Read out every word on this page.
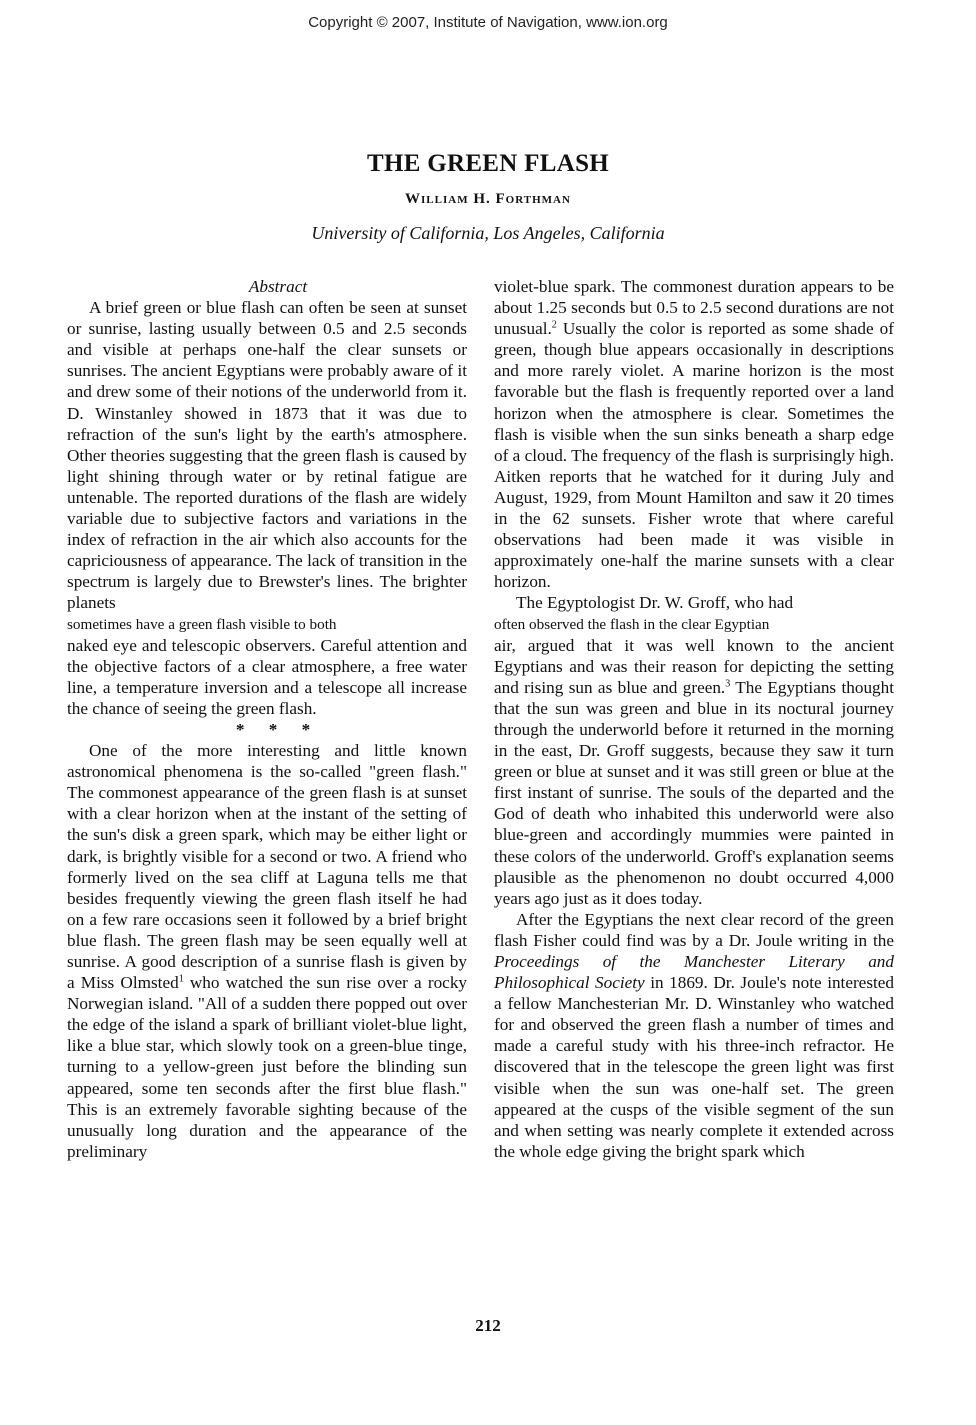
Copyright © 2007, Institute of Navigation, www.ion.org
THE GREEN FLASH
William H. Forthman
University of California, Los Angeles, California

Abstract

A brief green or blue flash can often be seen at sunset or sunrise, lasting usually between 0.5 and 2.5 seconds and visible at perhaps one-half the clear sunsets or sunrises. The ancient Egyptians were probably aware of it and drew some of their notions of the underworld from it. D. Winstanley showed in 1873 that it was due to refraction of the sun's light by the earth's atmosphere. Other theories suggesting that the green flash is caused by light shining through water or by retinal fatigue are untenable. The reported durations of the flash are widely variable due to subjective factors and variations in the index of refraction in the air which also accounts for the capriciousness of appearance. The lack of transition in the spectrum is largely due to Brewster's lines. The brighter planets

sometimes have a green flash visible to both

naked eye and telescopic observers. Careful attention and the objective factors of a clear atmosphere, a free water line, a temperature inversion and a telescope all increase the chance of seeing the green flash.

* * *

One of the more interesting and little known astronomical phenomena is the so-called "green flash." The commonest appearance of the green flash is at sunset with a clear horizon when at the instant of the setting of the sun's disk a green spark, which may be either light or dark, is brightly visible for a second or two. A friend who formerly lived on the sea cliff at Laguna tells me that besides frequently viewing the green flash itself he had on a few rare occasions seen it followed by a brief bright blue flash. The green flash may be seen equally well at sunrise. A good description of a sunrise flash is given by a Miss Olmsted$^1$ who watched the sun rise over a rocky Norwegian island. "All of a sudden there popped out over the edge of the island a spark of brilliant violet-blue light, like a blue star, which slowly took on a green-blue tinge, turning to a yellow-green just before the blinding sun appeared, some ten seconds after the first blue flash." This is an extremely favorable sighting because of the unusually long duration and the appearance of the preliminary

violet-blue spark. The commonest duration appears to be about 1.25 seconds but 0.5 to 2.5 second durations are not unusual.$^2$ Usually the color is reported as some shade of green, though blue appears occasionally in descriptions and more rarely violet. A marine horizon is the most favorable but the flash is frequently reported over a land horizon when the atmosphere is clear. Sometimes the flash is visible when the sun sinks beneath a sharp edge of a cloud. The frequency of the flash is surprisingly high. Aitken reports that he watched for it during July and August, 1929, from Mount Hamilton and saw it 20 times in the 62 sunsets. Fisher wrote that where careful observations had been made it was visible in approximately one-half the marine sunsets with a clear horizon.

The Egyptologist Dr. W. Groff, who had

often observed the flash in the clear Egyptian

air, argued that it was well known to the ancient Egyptians and was their reason for depicting the setting and rising sun as blue and green.$^3$ The Egyptians thought that the sun was green and blue in its noctural journey through the underworld before it returned in the morning in the east, Dr. Groff suggests, because they saw it turn green or blue at sunset and it was still green or blue at the first instant of sunrise. The souls of the departed and the God of death who inhabited this underworld were also blue-green and accordingly mummies were painted in these colors of the underworld. Groff's explanation seems plausible as the phenomenon no doubt occurred 4,000 years ago just as it does today.

After the Egyptians the next clear record of the green flash Fisher could find was by a Dr. Joule writing in the Proceedings of the Manchester Literary and Philosophical Society in 1869. Dr. Joule's note interested a fellow Manchesterian Mr. D. Winstanley who watched for and observed the green flash a number of times and made a careful study with his three-inch refractor. He discovered that in the telescope the green light was first visible when the sun was one-half set. The green appeared at the cusps of the visible segment of the sun and when setting was nearly complete it extended across the whole edge giving the bright spark which

212
